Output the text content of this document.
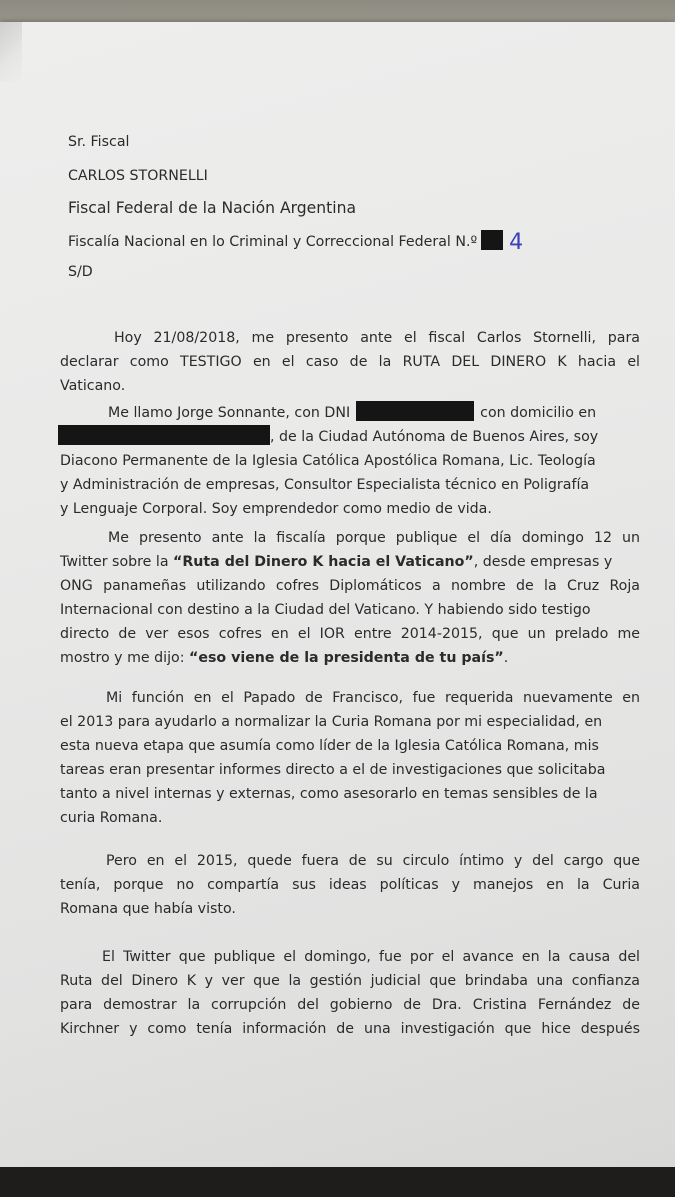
Sr. Fiscal

CARLOS STORNELLI

Fiscal Federal de la Nación Argentina

Fiscalía Nacional en lo Criminal y Correccional Federal N.º 4

S/D

Hoy 21/08/2018, me presento ante el fiscal Carlos Stornelli, para
declarar como TESTIGO en el caso de la RUTA DEL DINERO K hacia el
Vaticano.
Me llamo Jorge Sonnante, con DNI	con domicilio en
, de la Ciudad Autónoma de Buenos Aires, soy
Diacono Permanente de la Iglesia Católica Apostólica Romana, Lic. Teología
y Administración de empresas, Consultor Especialista técnico en Poligrafía
y Lenguaje Corporal. Soy emprendedor como medio de vida.
Me presento ante la fiscalía porque publique el día domingo 12 un
Twitter sobre la “Ruta del Dinero K hacia el Vaticano”, desde empresas y
ONG panameñas utilizando cofres Diplomáticos a nombre de la Cruz Roja
Internacional con destino a la Ciudad del Vaticano. Y habiendo sido testigo
directo de ver esos cofres en el IOR entre 2014-2015, que un prelado me
mostro y me dijo: “eso viene de la presidenta de tu país”.
Mi función en el Papado de Francisco, fue requerida nuevamente en
el 2013 para ayudarlo a normalizar la Curia Romana por mi especialidad, en
esta nueva etapa que asumía como líder de la Iglesia Católica Romana, mis
tareas eran presentar informes directo a el de investigaciones que solicitaba
tanto a nivel internas y externas, como asesorarlo en temas sensibles de la
curia Romana.
Pero en el 2015, quede fuera de su circulo íntimo y del cargo que
tenía, porque no compartía sus ideas políticas y manejos en la Curia
Romana que había visto.
El Twitter que publique el domingo, fue por el avance en la causa del
Ruta del Dinero K y ver que la gestión judicial que brindaba una confianza
para demostrar la corrupción del gobierno de Dra. Cristina Fernández de
Kirchner y como tenía información de una investigación que hice después
